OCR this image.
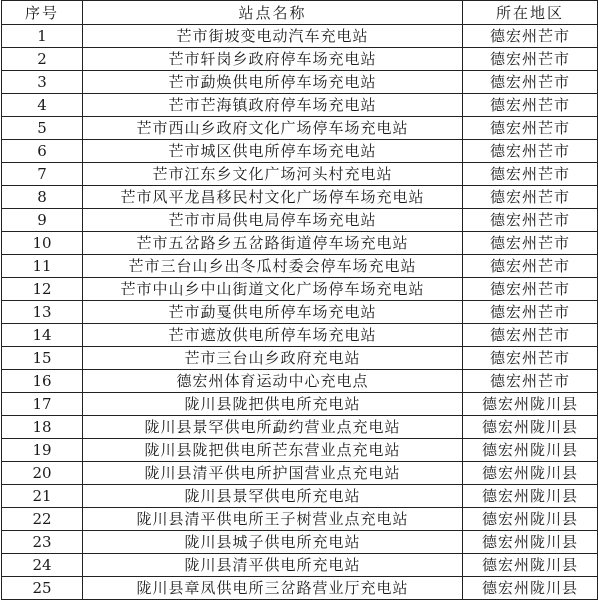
序号	站点名称	所在地区
1	芒市街坡变电动汽车充电站	德宏州芒市
2	芒市轩岗乡政府停车场充电站	德宏州芒市
3	芒市勐焕供电所停车场充电站	德宏州芒市
4	芒市芒海镇政府停车场充电站	德宏州芒市
5	芒市西山乡政府文化广场停车场充电站	德宏州芒市
6	芒市城区供电所停车场充电站	德宏州芒市
7	芒市江东乡文化广场河头村充电站	德宏州芒市
8	芒市风平龙昌移民村文化广场停车场充电站	德宏州芒市
9	芒市市局供电局停车场充电站	德宏州芒市
10	芒市五岔路乡五岔路街道停车场充电站	德宏州芒市
11	芒市三台山乡出冬瓜村委会停车场充电站	德宏州芒市
12	芒市中山乡中山街道文化广场停车场充电站	德宏州芒市
13	芒市勐戛供电所停车场充电站	德宏州芒市
14	芒市遮放供电所停车场充电站	德宏州芒市
15	芒市三台山乡政府充电站	德宏州芒市
16	德宏州体育运动中心充电点	德宏州芒市
17	陇川县陇把供电所充电站	德宏州陇川县
18	陇川县景罕供电所勐约营业点充电站	德宏州陇川县
19	陇川县陇把供电所芒东营业点充电站	德宏州陇川县
20	陇川县清平供电所护国营业点充电站	德宏州陇川县
21	陇川县景罕供电所充电站	德宏州陇川县
22	陇川县清平供电所王子树营业点充电站	德宏州陇川县
23	陇川县城子供电所充电站	德宏州陇川县
24	陇川县清平供电所充电站	德宏州陇川县
25	陇川县章凤供电所三岔路营业厅充电站	德宏州陇川县
